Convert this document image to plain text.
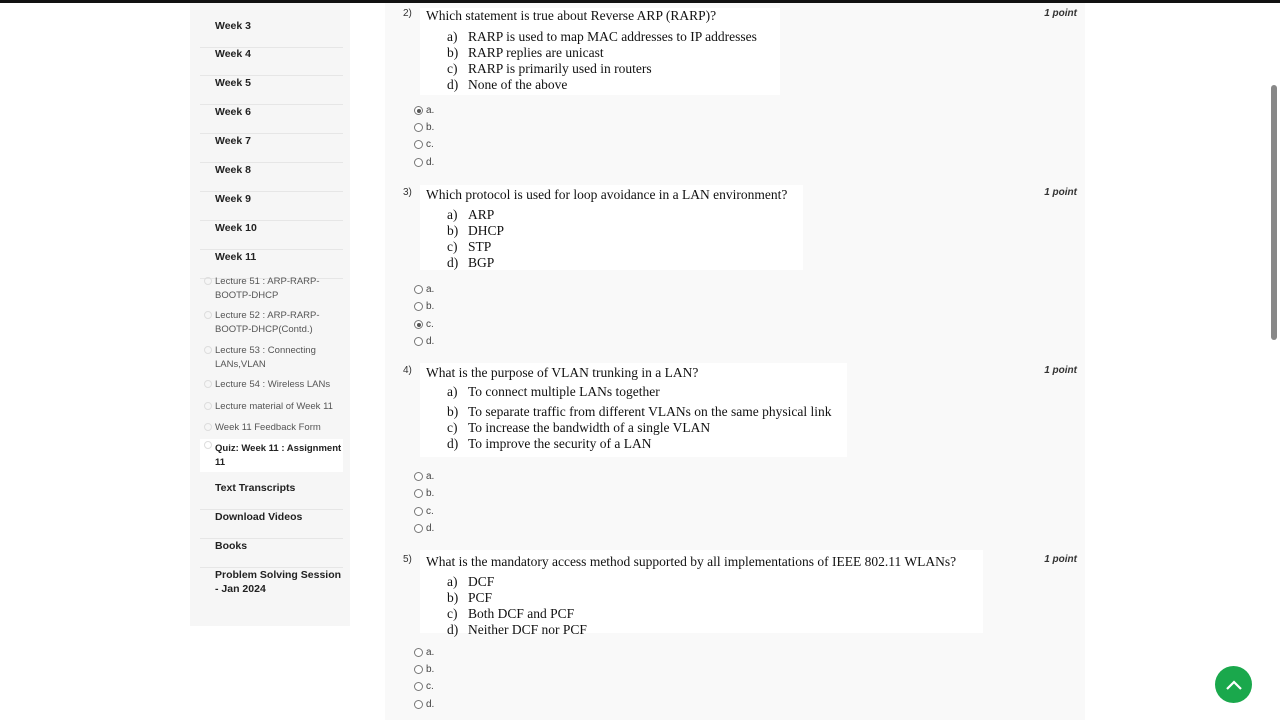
Week 3
Week 4
Week 5
Week 6
Week 7
Week 8
Week 9
Week 10
Week 11
Lecture 51 : ARP-RARP-BOOTP-DHCP
Lecture 52 : ARP-RARP-BOOTP-DHCP(Contd.)
Lecture 53 : Connecting LANs,VLAN
Lecture 54 : Wireless LANs
Lecture material of Week 11
Week 11 Feedback Form
Quiz: Week 11 : Assignment 11
Text Transcripts
Download Videos
Books
Problem Solving Session - Jan 2024
2) Which statement is true about Reverse ARP (RARP)?
a) RARP is used to map MAC addresses to IP addresses
b) RARP replies are unicast
c) RARP is primarily used in routers
d) None of the above
1 point
a.
b.
c.
d.
3) Which protocol is used for loop avoidance in a LAN environment?
a) ARP
b) DHCP
c) STP
d) BGP
1 point
a.
b.
c.
d.
4) What is the purpose of VLAN trunking in a LAN?
a) To connect multiple LANs together
b) To separate traffic from different VLANs on the same physical link
c) To increase the bandwidth of a single VLAN
d) To improve the security of a LAN
1 point
a.
b.
c.
d.
5) What is the mandatory access method supported by all implementations of IEEE 802.11 WLANs?
a) DCF
b) PCF
c) Both DCF and PCF
d) Neither DCF nor PCF
1 point
a.
b.
c.
d.
